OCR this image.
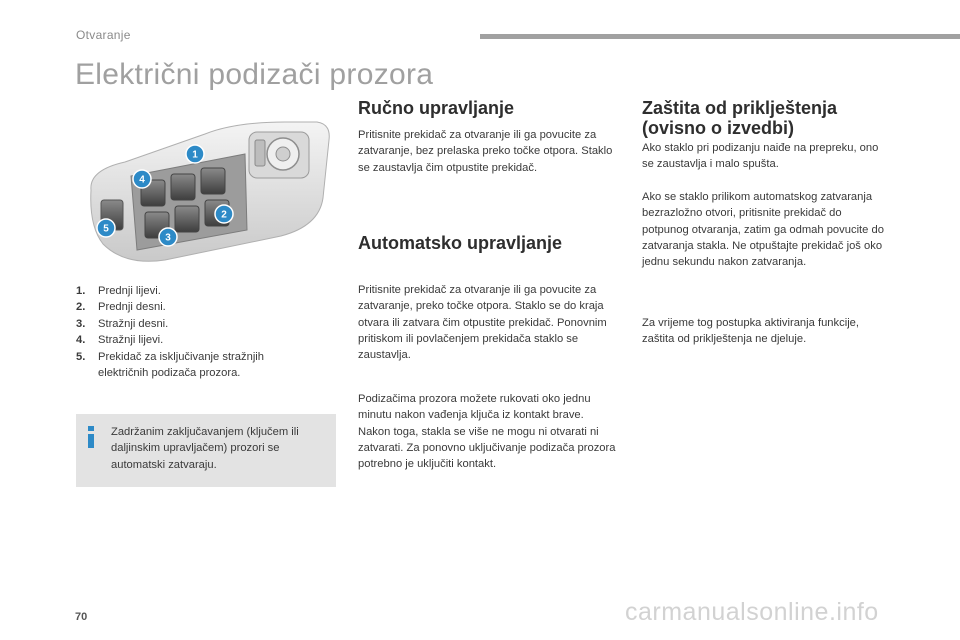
Otvaranje
Električni podizači prozora
1
2
3
4
5
1.	Prednji lijevi.
2.	Prednji desni.
3.	Stražnji desni.
4.	Stražnji lijevi.
5.	Prekidač za isključivanje stražnjih električnih podizača prozora.
Zadržanim zaključavanjem (ključem ili daljinskim upravljačem) prozori se automatski zatvaraju.
Ručno upravljanje
Pritisnite prekidač za otvaranje ili ga povucite za zatvaranje, bez prelaska preko točke otpora. Staklo se zaustavlja čim otpustite prekidač.
Automatsko upravljanje
Pritisnite prekidač za otvaranje ili ga povucite za zatvaranje, preko točke otpora. Staklo se do kraja otvara ili zatvara čim otpustite prekidač. Ponovnim pritiskom ili povlačenjem prekidača staklo se zaustavlja.
Podizačima prozora možete rukovati oko jednu minutu nakon vađenja ključa iz kontakt brave.
Nakon toga, stakla se više ne mogu ni otvarati ni zatvarati. Za ponovno uključivanje podizača prozora potrebno je uključiti kontakt.
Zaštita od priklještenja
(ovisno o izvedbi)
Ako staklo pri podizanju naiđe na prepreku, ono se zaustavlja i malo spušta.
Ako se staklo prilikom automatskog zatvaranja bezrazložno otvori, pritisnite prekidač do potpunog otvaranja, zatim ga odmah povucite do zatvaranja stakla. Ne otpuštajte prekidač još oko jednu sekundu nakon zatvaranja.
Za vrijeme tog postupka aktiviranja funkcije, zaštita od priklještenja ne djeluje.
70	carmanualsonline.info
